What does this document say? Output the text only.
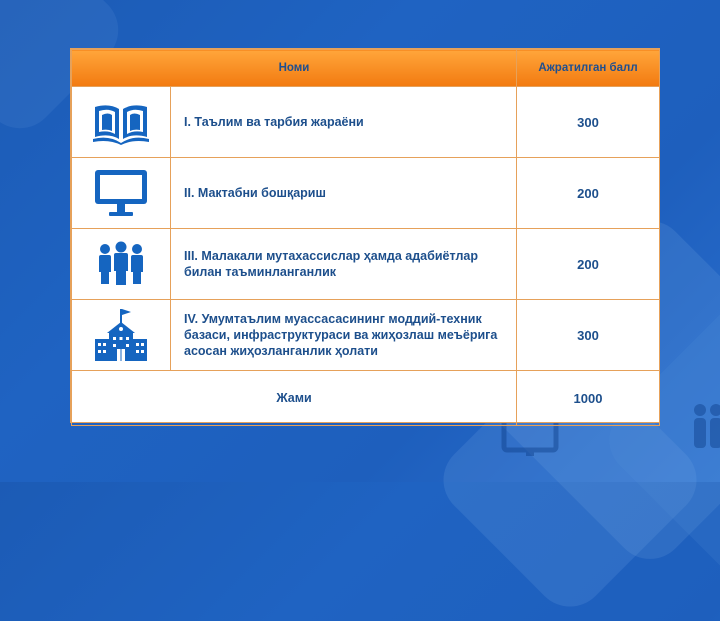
Номи		Ажратилган балл
	I. Таълим ва тарбия жараёни	300
	II. Мактабни бошқариш	200
	III. Малакали мутахассислар ҳамда адабиётлар билан таъминланганлик	200
	IV. Умумтаълим муассасасининг моддий-техник базаси, инфраструктураси ва жиҳозлаш меъёрига асосан жиҳозланганлик ҳолати	300
Жами		1000
